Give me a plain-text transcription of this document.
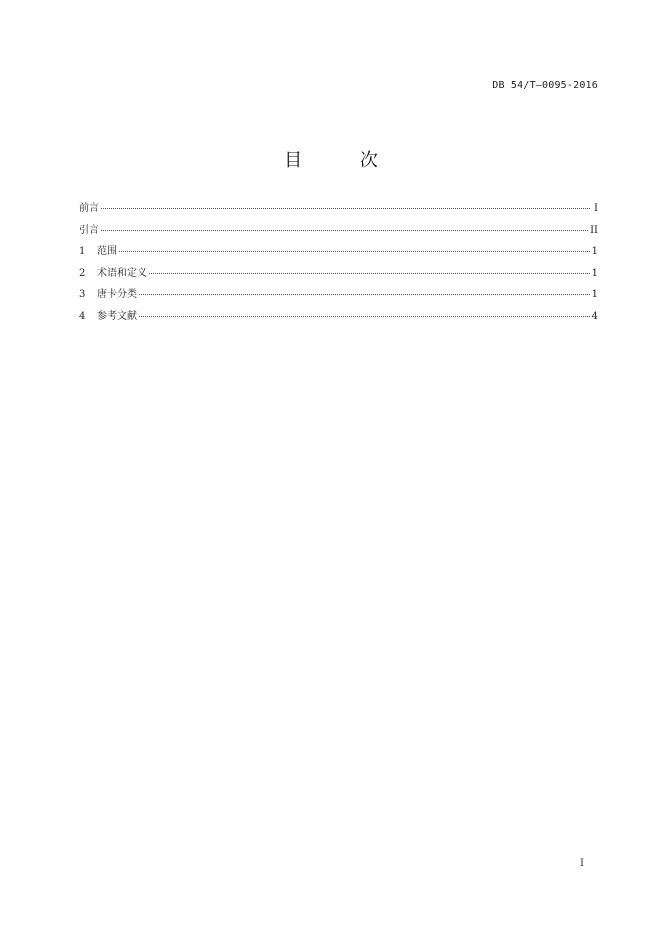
DB 54/T—0095-2016
目 次
前言	I
引言	II
1	范围	1
2	术语和定义	1
3	唐卡分类	1
4	参考文献	4
I
